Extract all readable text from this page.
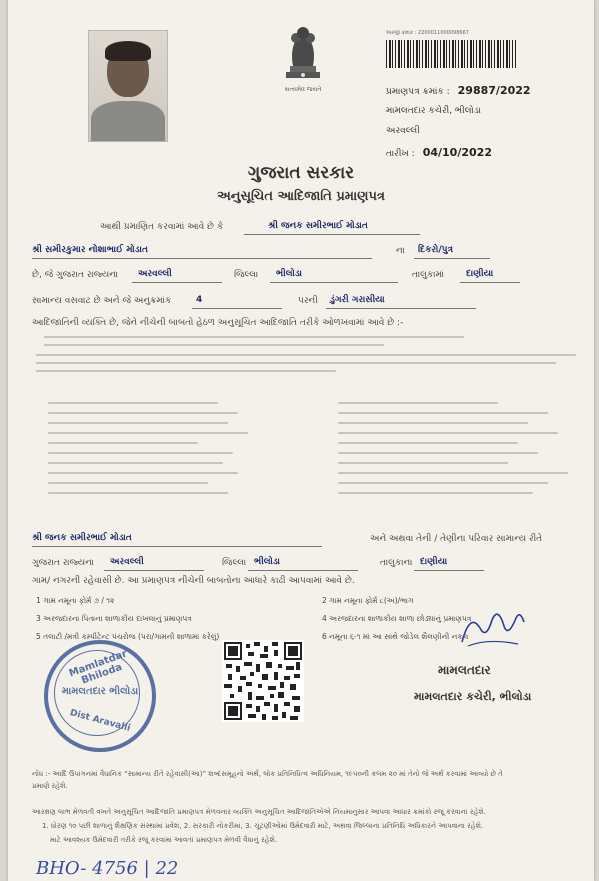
સત્યમેવ જયતે
અરજી ક્રમાંક : 2200011000098667
પ્રમાણપત્ર ક્રમાંક : 29887/2022
મામલતદાર કચેરી, ભીલોડા
અરવલ્લી
તારીખ : 04/10/2022
ગુજરાત સરકાર
અનુસૂચિત આદિજાતિ પ્રમાણપત્ર
આથી પ્રમાણિત કરવામાં આવે છે કે	શ્રી જનક સમીરભાઈ મોડાત
શ્રી સમીરકુમાર નોશાભાઈ મોડાત	ના દિકરો/પુત્ર
છે, જે ગુજરાત રાજ્યના અરવલ્લી	જિલ્લા ભીલોડા	તાલુકામાં દાણીયા
સામાન્ય વસવાટ છે અને જે અનુક્રમાંક	4	પરની ડુંગરી ગરાસીયા
આદિજાતિની વ્યક્તિ છે, જેને નીચેની બાબતો હેઠળ અનુસૂચિત આદિજાતિ તરીકે ઓળખવામાં આવે છે :-
શ્રી જનક સમીરભાઈ મોડાત	અને અથવા તેની / તેણીના પરિવાર સામાન્ય રીતે
ગુજરાત રાજ્યના અરવલ્લી	જિલ્લા ભીલોડા	તાલુકાના દાણીયા
ગામ/ નગરની રહેવાસી છે. આ પ્રમાણપત્ર નીચેની બાબતોના આધારે કાઢી આપવામાં આવે છે.
1 ગામ નમૂના ફોર્મ ૭ / ૧૨
3 અરજદારના પિતાના શાળાકીય દાખલાનું પ્રમાણપત્ર
5 તલાટી /મંત્રી કમ્પીટેન્ટ પંચરોજ (પરા/ગામની શાળામાં કરેલું)
2 ગામ નમૂના ફોર્મ ૮(અ)/ભાગ
4 અરજદારના શાળાકીય શાળા છોડ્યાનું પ્રમાણપત્ર
6 નમૂના ૬-૧ માં આ સાથે જોડેલ શૈલણીની નકલ
Mamlatdar Bhiloda
મામલતદાર ભીલોડા
Dist Aravalli
મામલતદાર
મામલતદાર કચેરી, ભીલોડા
નોંધ :- આદિ ઉપાંગનમાં વૈધાનિક “સામાન્ય રીતે રહેવાસી(આ)” શબ્દસમૂહનો અર્થ, લોક પ્રતિનિધિત્વ અધિનિયમ, ૧૯૫૦ની કલમ ૨૦ માં તેનો જે અર્થ કરવામાં આવ્યો છે તે
પ્રમાણે રહેશે.
આરક્ષણ લાભ મેળવતી વખતે અનુસૂચિત આદિજાતિ પ્રમાણપત્ર મેળવનાર વ્યક્તિ અનુસૂચિત આદિજાતિએએ નિયમાનુસાર આપવા આધાર ક્રમાંકો રજૂ કરવાના રહેશે.
1. ધોરણ ૧૦ પછી શાળાનું શૈક્ષણિક સંસ્થામાં પ્રવેશ, 2. સરકારી નોકરીમાં, 3. ચૂંટણીઓમાં ઉમેદવારી માટે, અથવા જિલ્લાના પ્રતિનિધિ અધિકારને આપવાના રહેશે.
માટે આવશ્યક ઉમેદવારી તરીકે રજૂ કરવામાં આવતાં પ્રમાણપત્ર મેળવી વૈધાનું રહેશે.
BHO- 4756 | 22
